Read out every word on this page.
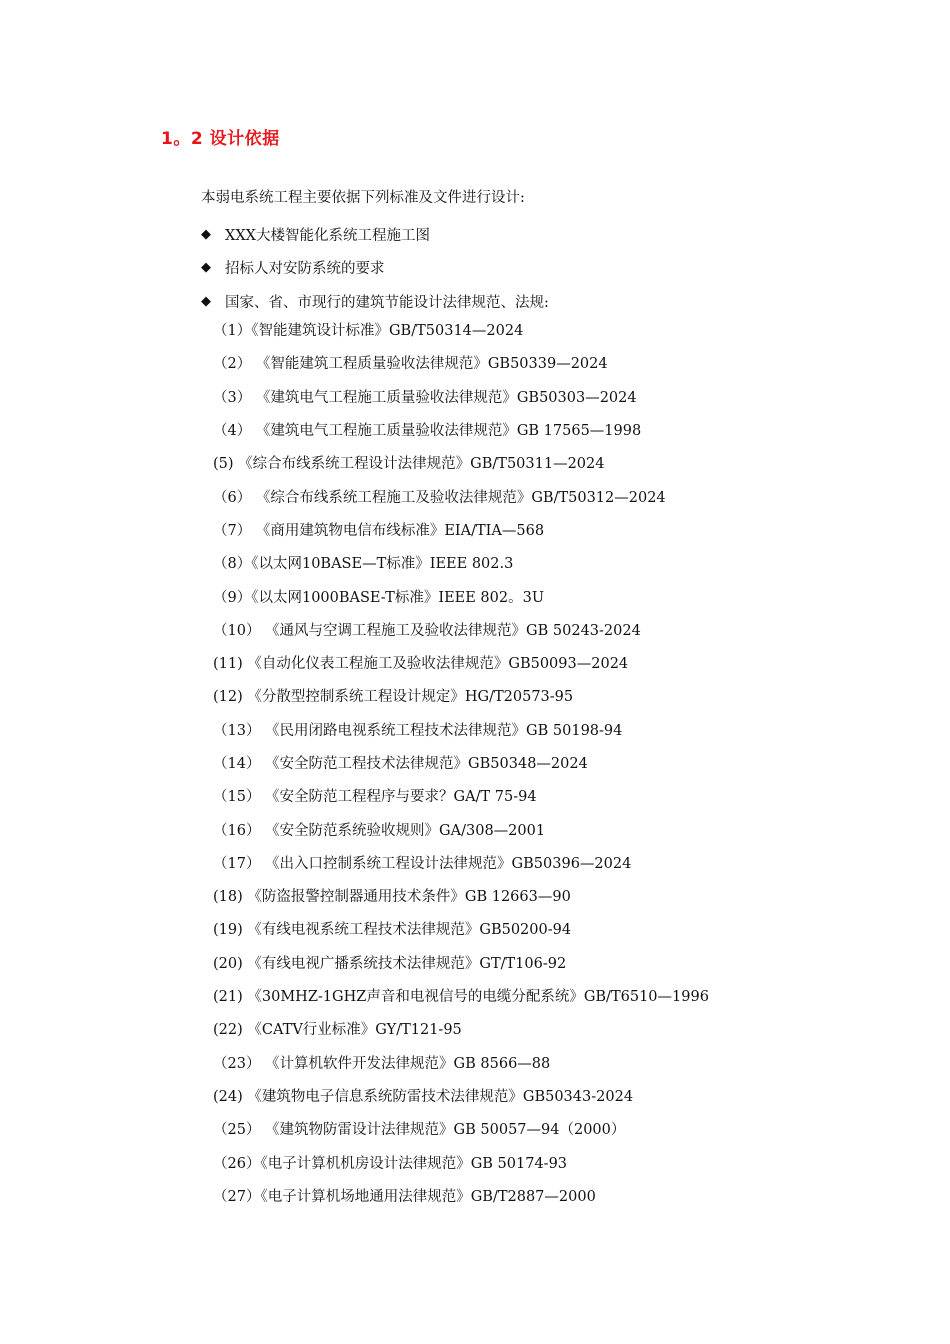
1。2 设计依据
本弱电系统工程主要依据下列标准及文件进行设计:
◆ XXX大楼智能化系统工程施工图
◆ 招标人对安防系统的要求
◆ 国家、省、市现行的建筑节能设计法律规范、法规:
（1）《智能建筑设计标准》GB/T50314—2024
（2） 《智能建筑工程质量验收法律规范》GB50339—2024
（3） 《建筑电气工程施工质量验收法律规范》GB50303—2024
（4） 《建筑电气工程施工质量验收法律规范》GB 17565—1998
(5) 《综合布线系统工程设计法律规范》GB/T50311—2024
（6） 《综合布线系统工程施工及验收法律规范》GB/T50312—2024
（7） 《商用建筑物电信布线标准》EIA/TIA—568
（8）《以太网10BASE—T标准》IEEE 802.3
（9）《以太网1000BASE-T标准》IEEE 802。3U
（10） 《通风与空调工程施工及验收法律规范》GB 50243-2024
(11) 《自动化仪表工程施工及验收法律规范》GB50093—2024
(12) 《分散型控制系统工程设计规定》HG/T20573-95
（13） 《民用闭路电视系统工程技术法律规范》GB 50198-94
（14） 《安全防范工程技术法律规范》GB50348—2024
（15） 《安全防范工程程序与要求？GA/T 75-94
（16） 《安全防范系统验收规则》GA/308—2001
（17） 《出入口控制系统工程设计法律规范》GB50396—2024
(18) 《防盗报警控制器通用技术条件》GB 12663—90
(19) 《有线电视系统工程技术法律规范》GB50200-94
(20) 《有线电视广播系统技术法律规范》GT/T106-92
(21) 《30MHZ-1GHZ声音和电视信号的电缆分配系统》GB/T6510—1996
(22) 《CATV行业标准》GY/T121-95
（23） 《计算机软件开发法律规范》GB 8566—88
(24) 《建筑物电子信息系统防雷技术法律规范》GB50343-2024
（25） 《建筑物防雷设计法律规范》GB 50057—94（2000）
（26）《电子计算机机房设计法律规范》GB 50174-93
（27）《电子计算机场地通用法律规范》GB/T2887—2000
